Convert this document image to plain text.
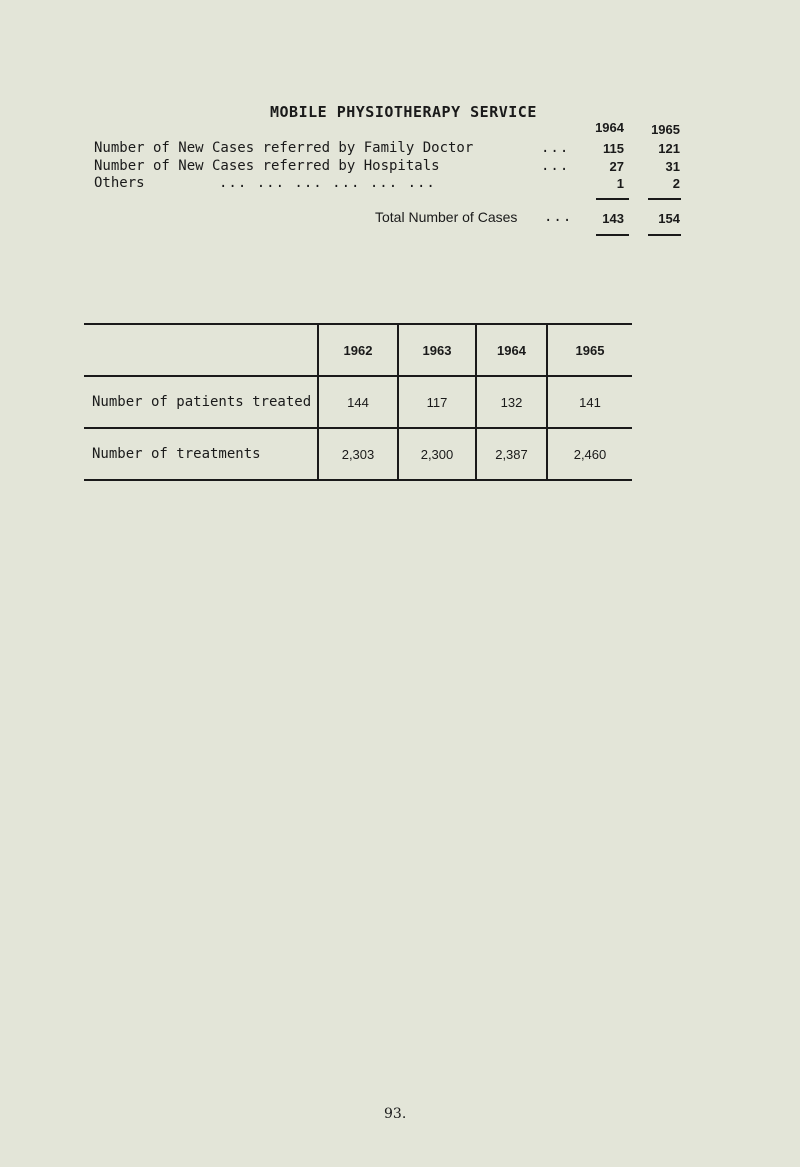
MOBILE PHYSIOTHERAPY SERVICE
1964	1965
Number of New Cases referred by Family Doctor	...	115	121
Number of New Cases referred by Hospitals	...	27	31
Others	... ... ... ... ... ...	1	2
Total Number of Cases ...	143	154
	1962	1963	1964	1965
Number of patients treated	144	117	132	141
Number of treatments	2,303	2,300	2,387	2,460
93.
